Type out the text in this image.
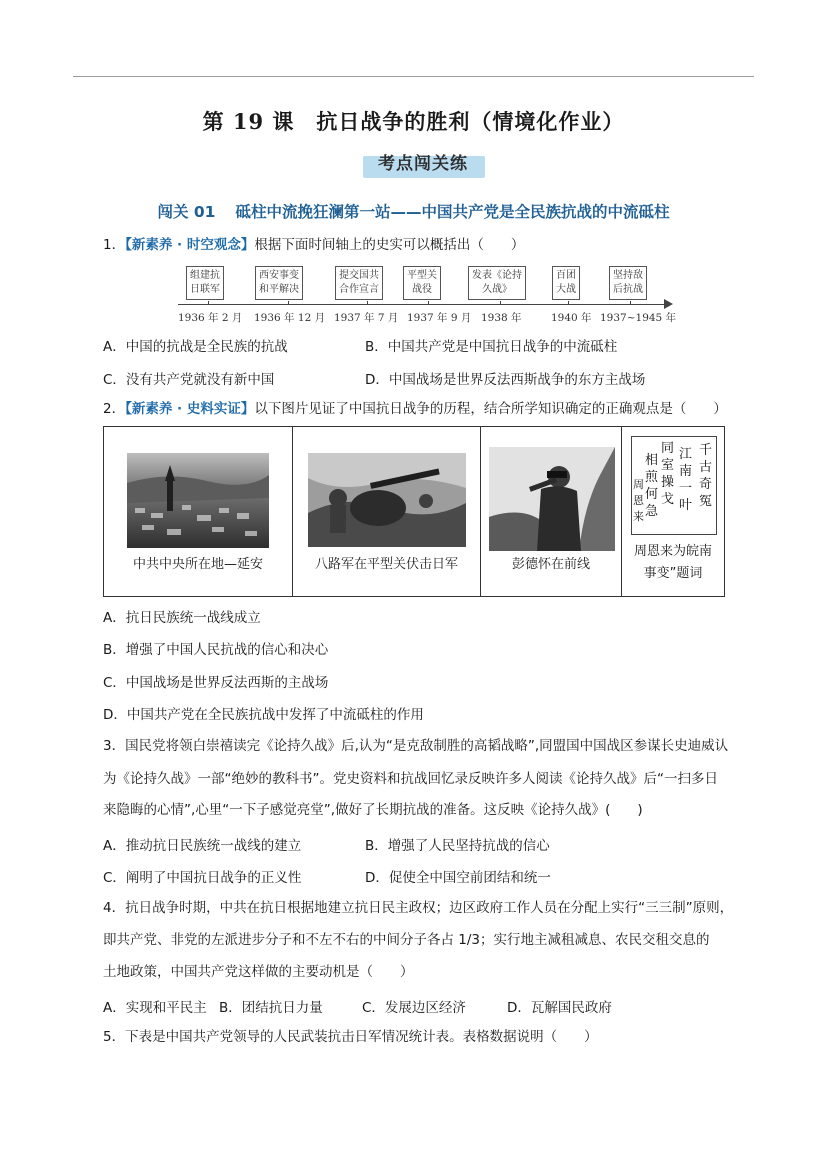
第 19 课　抗日战争的胜利（情境化作业）
考点闯关练
闯关 01 砥柱中流挽狂澜第一站——中国共产党是全民族抗战的中流砥柱
1．【新素养 · 时空观念】根据下面时间轴上的史实可以概括出（　　）
组建抗
日联军
西安事变
和平解决
提交国共
合作宣言
平型关
战役
发表《论持
久战》
百团
大战
坚持敌
后抗战
1936 年 2 月 1936 年 12 月 1937 年 7 月 1937 年 9 月 1938 年	1940 年 1937~1945 年
A．中国的抗战是全民族的抗战	B．中国共产党是中国抗日战争的中流砥柱
C．没有共产党就没有新中国	D．中国战场是世界反法西斯战争的东方主战场
2．【新素养 · 史料实证】以下图片见证了中国抗日战争的历程，结合所学知识确定的正确观点是（　　）
中共中央所在地—延安	八路军在平型关伏击日军	彭德怀在前线
千
古
奇
冤
江
南
一
叶
同
室
操
戈
相
煎
何
急
周
恩
来
周恩来为皖南
事变”题词
A．抗日民族统一战线成立
B．增强了中国人民抗战的信心和决心
C．中国战场是世界反法西斯的主战场
D．中国共产党在全民族抗战中发挥了中流砥柱的作用
3．国民党将领白崇禧读完《论持久战》后,认为“是克敌制胜的高韬战略”,同盟国中国战区参谋长史迪威认
为《论持久战》一部“绝妙的教科书”。党史资料和抗战回忆录反映许多人阅读《论持久战》后“一扫多日
来隐晦的心情”,心里“一下子感觉亮堂”,做好了长期抗战的准备。这反映《论持久战》(　　)
A．推动抗日民族统一战线的建立	B．增强了人民坚持抗战的信心
C．阐明了中国抗日战争的正义性	D．促使全中国空前团结和统一
4．抗日战争时期，中共在抗日根据地建立抗日民主政权；边区政府工作人员在分配上实行“三三制”原则，
即共产党、非党的左派进步分子和不左不右的中间分子各占 1/3；实行地主减租减息、农民交租交息的
土地政策，中国共产党这样做的主要动机是（　　）
A．实现和平民主 B．团结抗日力量	C．发展边区经济	D．瓦解国民政府
5．下表是中国共产党领导的人民武装抗击日军情况统计表。表格数据说明（　　）
